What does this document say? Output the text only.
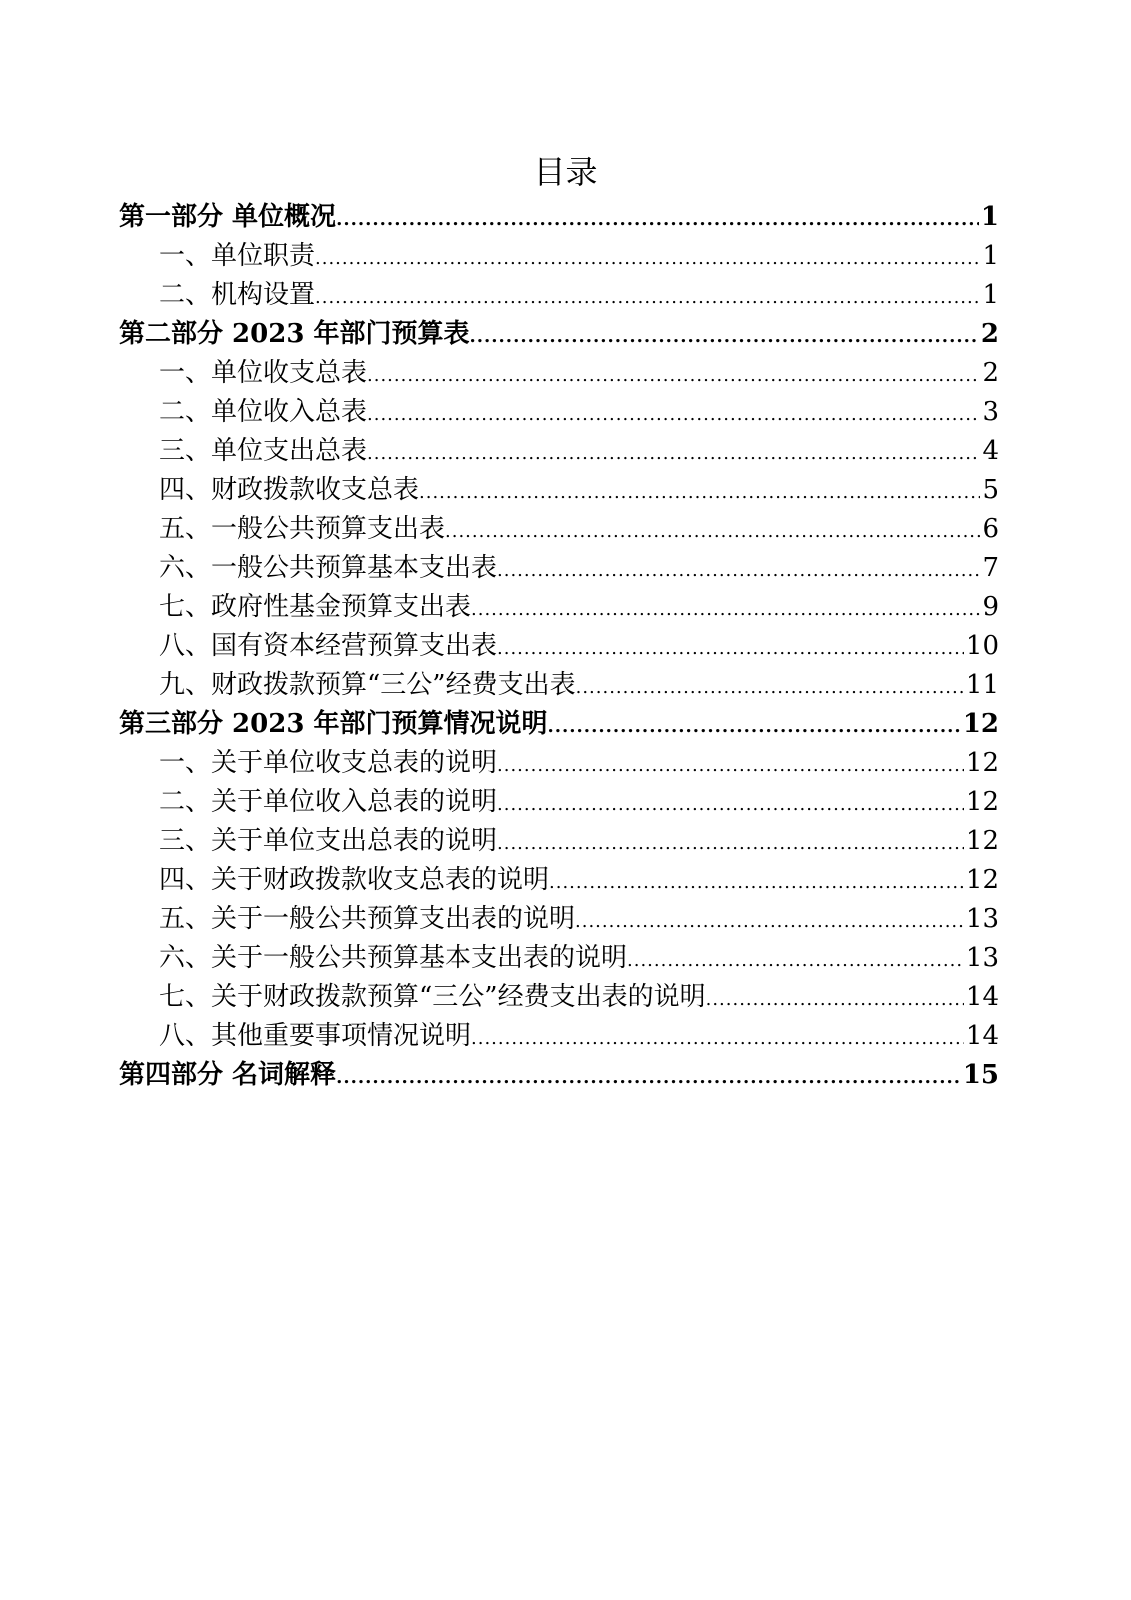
目录
第一部分 单位概况 .....	1
一、单位职责 .....	1
二、机构设置 .....	1
第二部分 2023 年部门预算表 .....	2
一、单位收支总表 .....	2
二、单位收入总表 .....	3
三、单位支出总表 .....	4
四、财政拨款收支总表 .....	5
五、一般公共预算支出表 .....	6
六、一般公共预算基本支出表 .....	7
七、政府性基金预算支出表 .....	9
八、国有资本经营预算支出表 .....	10
九、财政拨款预算“三公”经费支出表 .....	11
第三部分 2023 年部门预算情况说明 .....	12
一、关于单位收支总表的说明 .....	12
二、关于单位收入总表的说明 .....	12
三、关于单位支出总表的说明 .....	12
四、关于财政拨款收支总表的说明 .....	12
五、关于一般公共预算支出表的说明 .....	13
六、关于一般公共预算基本支出表的说明 .....	13
七、关于财政拨款预算“三公”经费支出表的说明 .....	14
八、其他重要事项情况说明 .....	14
第四部分 名词解释 .....	15
